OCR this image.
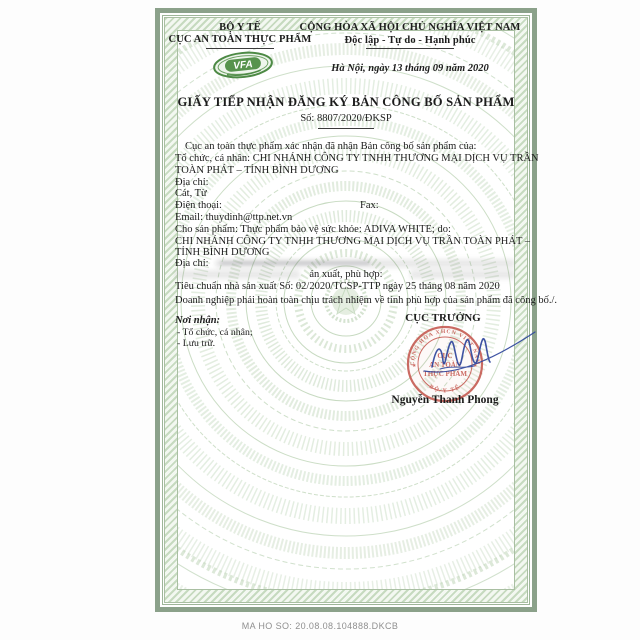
BỘ Y TẾ
CỤC AN TOÀN THỰC PHẨM
VFA
CỘNG HÒA XÃ HỘI CHỦ NGHĨA VIỆT NAM
Độc lập - Tự do - Hạnh phúc
Hà Nội, ngày 13 tháng 09 năm 2020
GIẤY TIẾP NHẬN ĐĂNG KÝ BẢN CÔNG BỐ SẢN PHẨM
Số: 8807/2020/ĐKSP
Cục an toàn thực phẩm xác nhận đã nhận Bản công bố sản phẩm của:
Tổ chức, cá nhân: CHI NHÁNH CÔNG TY TNHH THƯƠNG MẠI DỊCH VỤ TRẦN
TOÀN PHÁT – TỈNH BÌNH DƯƠNG
Địa chỉ:
Cát, Từ
Điện thoại:	Fax:
Email: thuydinh@ttp.net.vn
Cho sản phẩm: Thực phẩm bảo vệ sức khỏe: ADIVA WHITE; do:
CHI NHÁNH CÔNG TY TNHH THƯƠNG MẠI DỊCH VỤ TRẦN TOÀN PHÁT –
TỈNH BÌNH DƯƠNG
Địa chỉ:
ản xuất, phù hợp:
Tiêu chuẩn nhà sản xuất Số: 02/2020/TCSP-TTP ngày 25 tháng 08 năm 2020
Doanh nghiệp phải hoàn toàn chịu trách nhiệm về tính phù hợp của sản phẩm đã công bố./.
Nơi nhận:
- Tổ chức, cá nhân;
- Lưu trữ.
CỤC TRƯỞNG
CỘNG HÒA XHCN VIỆT NAM
BỘ Y TẾ
★	★
CỤC
AN TOÀN
THỰC PHẨM
Nguyễn Thanh Phong
MA HO SO: 20.08.08.104888.DKCB
